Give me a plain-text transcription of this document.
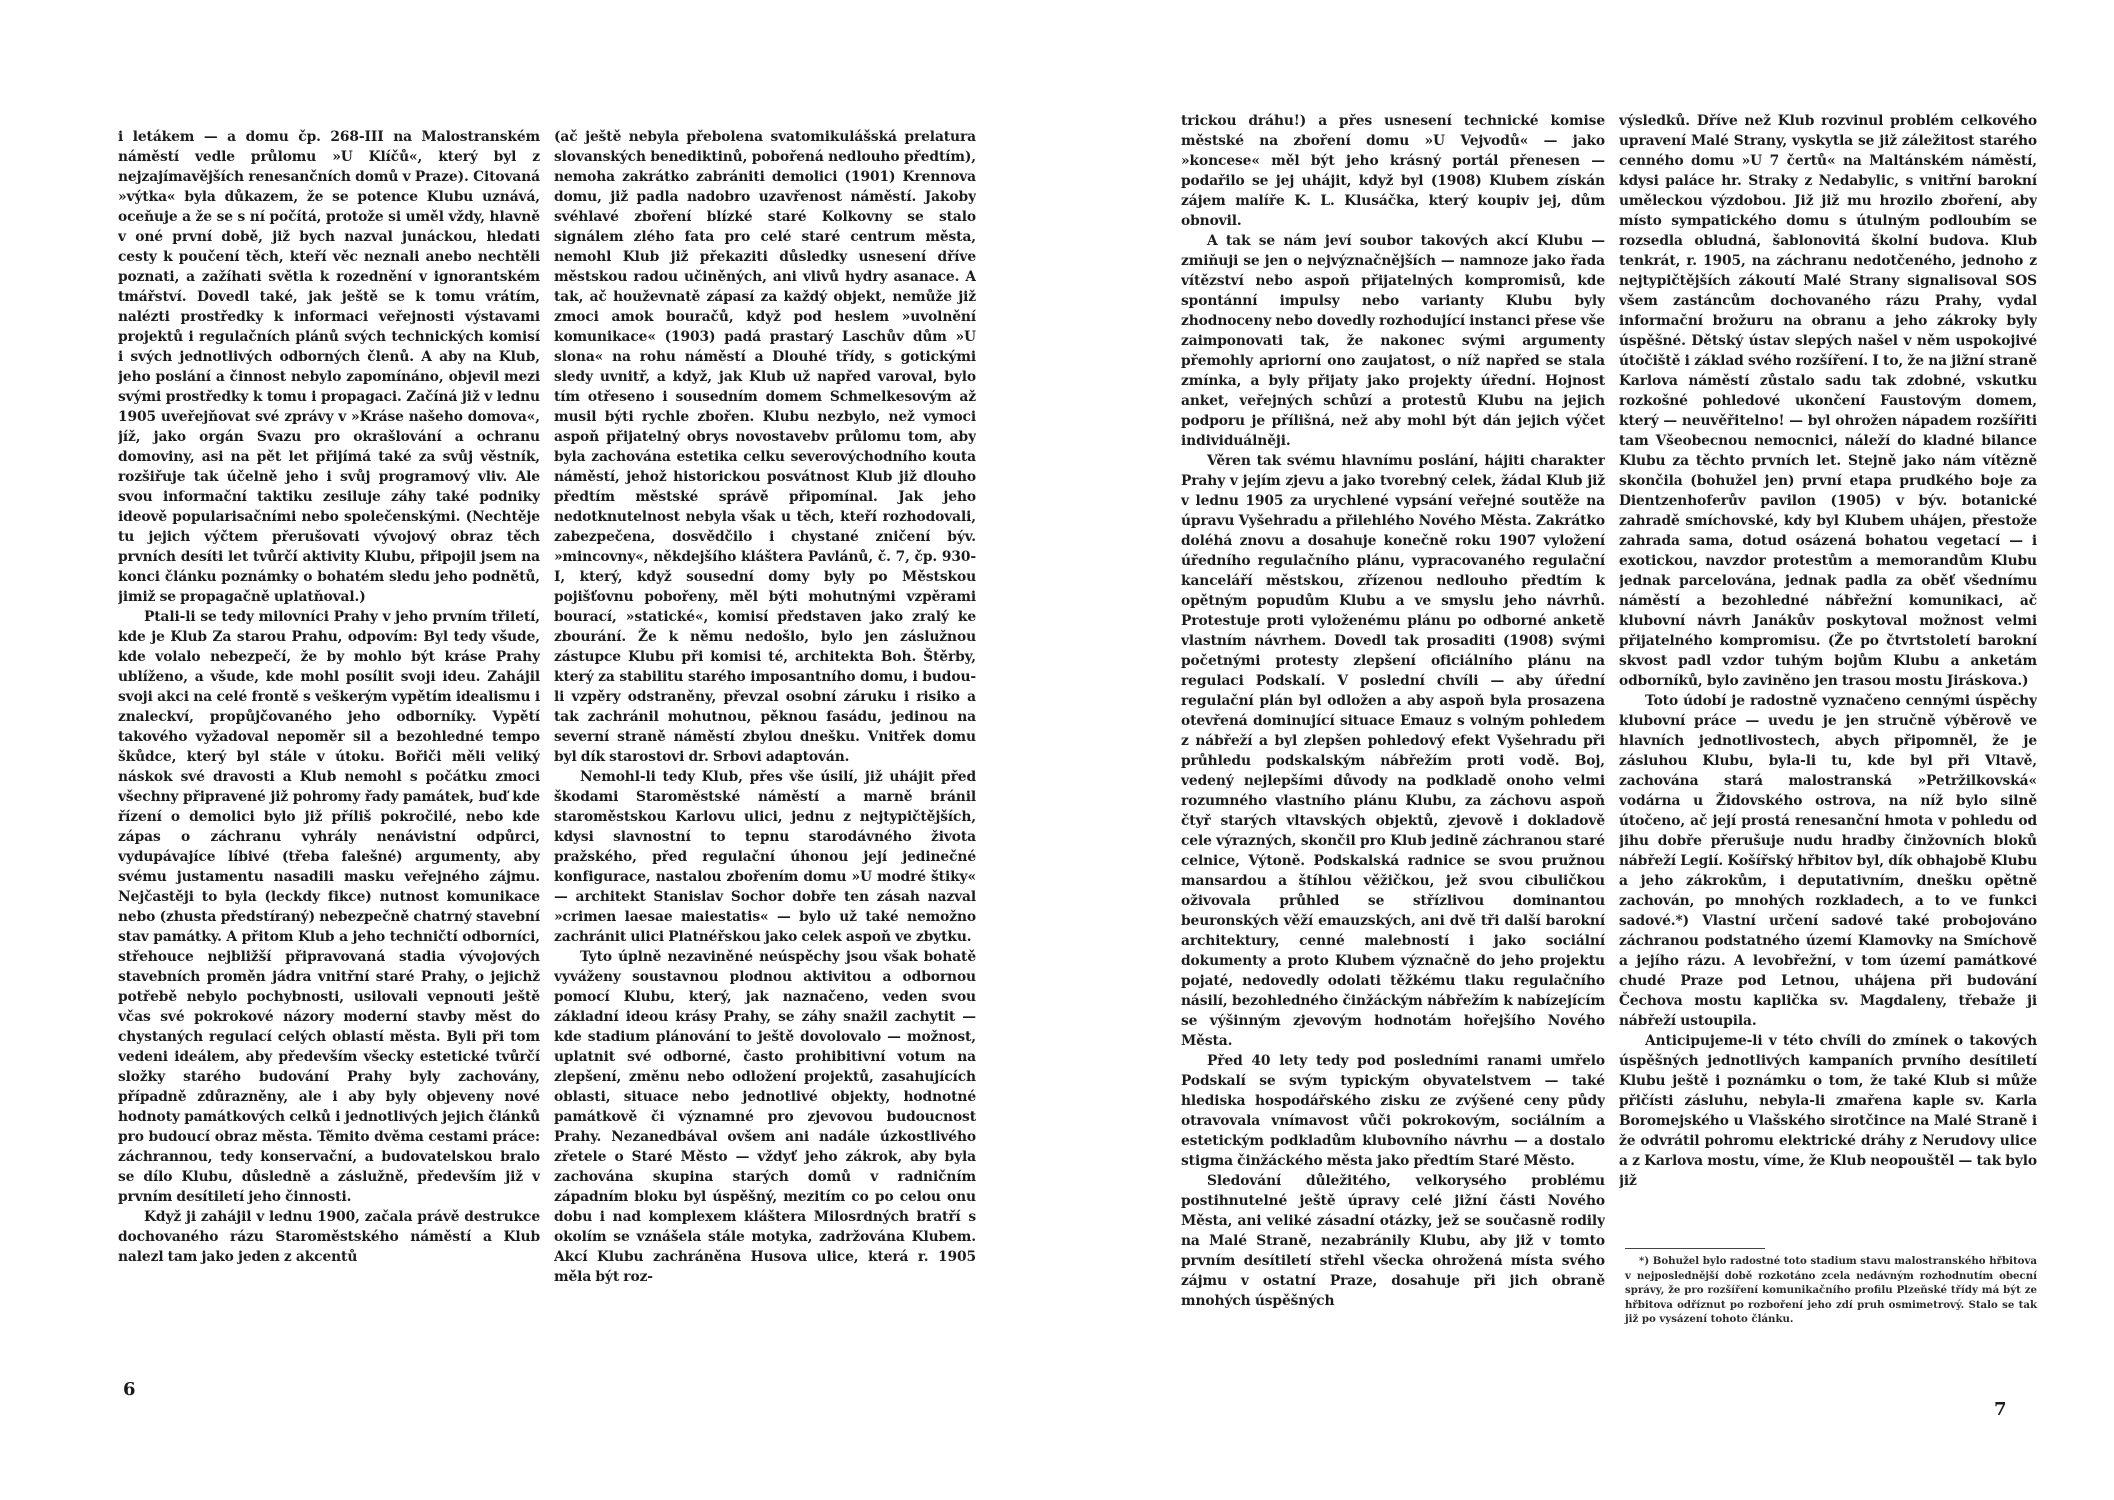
i letákem — a domu čp. 268-III na Malostranském náměstí vedle průlomu »U Klíčů«, který byl z nejzajímavějších renesančních domů v Praze). Citovaná »výtka« byla důkazem, že se potence Klubu uznává, oceňuje a že se s ní počítá, protože si uměl vždy, hlavně v oné první době, již bych nazval junáckou, hledati cesty k poučení těch, kteří věc neznali anebo nechtěli poznati, a zažíhati světla k rozednění v ignorantském tmářství. Dovedl také, jak ještě se k tomu vrátím, nalézti prostředky k informaci veřejnosti výstavami projektů i regulačních plánů svých technických komisí i svých jednotlivých odborných členů. A aby na Klub, jeho poslání a činnost nebylo zapomínáno, objevil mezi svými prostředky k tomu i propagaci. Začíná již v lednu 1905 uveřejňovat své zprávy v »Krásе našeho domova«, jíž, jako orgán Svazu pro okrašlování a ochranu domoviny, asi na pět let přijímá také za svůj věstník, rozšiřuje tak účelně jeho i svůj programový vliv. Ale svou informační taktiku zesiluje záhy také podniky ideově popularisačními nebo společenskými. (Nechtěje tu jejich výčtem přerušovati vývojový obraz těch prvních desíti let tvůrčí aktivity Klubu, připojil jsem na konci článku poznámky o bohatém sledu jeho podnětů, jimiž se propagačně uplatňoval.)

Ptali-li se tedy milovníci Prahy v jeho prvním třiletí, kde je Klub Za starou Prahu, odpovím: Byl tedy všude, kde volalo nebezpečí, že by mohlo být kráse Prahy ublíženo, a všude, kde mohl posílit svoji ideu. Zahájil svoji akci na celé frontě s veškerým vypětím idealismu i znaleckví, propůjčovaného jeho odborníky. Vypětí takového vyžadoval nepoměr sil a bezohledné tempo škůdce, který byl stále v útoku. Bořiči měli veliký náskok své dravosti a Klub nemohl s počátku zmoci všechny připravené již pohromy řady památek, buď kde řízení o demolici bylo již příliš pokročilé, nebo kde zápas o záchranu vyhrály nenávistní odpůrci, vydupávajíce líbivé (třeba falešné) argumenty, aby svému justamentu nasadili masku veřejného zájmu. Nejčastěji to byla (leckdy fikce) nutnost komunikace nebo (zhusta předstíraný) nebezpečně chatrný stavební stav památky. A přitom Klub a jeho techničtí odborníci, střehouce nejbližší připravovaná stadia vývojových stavebních proměn jádra vnitřní staré Prahy, o jejichž potřebě nebylo pochybnosti, usilovali vepnouti ještě včas své pokrokové názory moderní stavby měst do chystaných regulací celých oblastí města. Byli při tom vedeni ideálem, aby především všecky estetické tvůrčí složky starého budování Prahy byly zachovány, případně zdůrazněny, ale i aby byly objeveny nové hodnoty památkových celků i jednotlivých jejich článků pro budoucí obraz města. Těmito dvěma cestami práce: záchrannou, tedy konservační, a budovatelskou bralo se dílo Klubu, důsledně a záslužně, především již v prvním desítiletí jeho činnosti.

Když ji zahájil v lednu 1900, začala právě destrukce dochovaného rázu Staroměstského náměstí a Klub nalezl tam jako jeden z akcentů

(ač ještě nebyla přebolena svatomikulášská prelatura slovanských benediktinů, pobořená nedlouho předtím), nemoha zakrátko zabrániti demolici (1901) Krennova domu, již padla nadobro uzavřenost náměstí. Jakoby svéhlavé zboření blízké staré Kolkovny se stalo signálem zlého fata pro celé staré centrum města, nemohl Klub již překaziti důsledky usnesení dříve městskou radou učiněných, ani vlivů hydry asanace. A tak, ač houževnatě zápasí za každý objekt, nemůže již zmoci amok bouračů, když pod heslem »uvolnění komunikace« (1903) padá prastarý Laschův dům »U slona« na rohu náměstí a Dlouhé třídy, s gotickými sledy uvnitř, a když, jak Klub už napřed varoval, bylo tím otřeseno i sousedním domem Schmelkesovým až musil býti rychle zbořen. Klubu nezbylo, než vymoci aspoň přijatelný obrys novostavebv průlomu tom, aby byla zachována estetika celku severovýchodního kouta náměstí, jehož historickou posvátnost Klub již dlouho předtím městské správě připomínal. Jak jeho nedotknutelnost nebyla však u těch, kteří rozhodovali, zabezpečena, dosvědčilo i chystané zničení býv. »mincovny«, někdejšího kláštera Pavlánů, č. 7, čp. 930-I, který, když sousední domy byly po Městskou pojišťovnu pobořeny, měl býti mohutnými vzpěrami bourací, »statické«, komisí představen jako zralý ke zbourání. Že k němu nedošlo, bylo jen záslužnou zástupce Klubu při komisi té, architekta Boh. Štěrby, který za stabilitu starého imposantního domu, i budou-li vzpěry odstraněny, převzal osobní záruku i risiko a tak zachránil mohutnou, pěknou fasádu, jedinou na severní straně náměstí zbylou dnešku. Vnitřek domu byl dík starostovi dr. Srbovi adaptován.

Nemohl-li tedy Klub, přes vše úsilí, již uhájit před škodami Staroměstské náměstí a marně bránil staroměstskou Karlovu ulici, jednu z nejtypičtějších, kdysi slavnostní to tepnu starodávného života pražského, před regulační úhonou její jedinečné konfigurace, nastalou zbořením domu »U modré štiky« — architekt Stanislav Sochor dobře ten zásah nazval »crimen laesae maiestatis« — bylo už také nemožno zachránit ulici Platnéřskou jako celek aspoň ve zbytku.

Tyto úplně nezaviněné neúspěchy jsou však bohatě vyváženy soustavnou plodnou aktivitou a odbornou pomocí Klubu, který, jak naznačeno, veden svou základní ideou krásy Prahy, se záhy snažil zachytit — kde stadium plánování to ještě dovolovalo — možnost, uplatnit své odborné, často prohibitivní votum na zlepšení, změnu nebo odložení projektů, zasahujících oblasti, situace nebo jednotlivé objekty, hodnotné památkově či významné pro zjevovou budoucnost Prahy. Nezanedbával ovšem ani nadále úzkostlivého zřetele o Staré Město — vždyť jeho zákrok, aby byla zachována skupina starých domů v radničním západním bloku byl úspěšný, mezitím co po celou onu dobu i nad komplexem kláštera Milosrdných bratří s okolím se vznášela stále motyka, zadržována Klubem. Akcí Klubu zachráněna Husova ulice, která r. 1905 měla být roz-

6

trickou dráhu!) a přes usnesení technické komise městské na zboření domu »U Vejvodů« — jako »koncese« měl být jeho krásný portál přenesen — podařilo se jej uhájit, když byl (1908) Klubem získán zájem malíře K. L. Klusáčka, který koupiv jej, dům obnovil.

A tak se nám jeví soubor takových akcí Klubu — zmiňuji se jen o nejvýznačnějších — namnoze jako řada vítězství nebo aspoň přijatelných kompromisů, kde spontánní impulsy nebo varianty Klubu byly zhodnoceny nebo dovedly rozhodující instanci přese vše zaimponovati tak, že nakonec svými argumenty přemohly apriorní ono zaujatost, o níž napřed se stala zmínka, a byly přijaty jako projekty úřední. Hojnost anket, veřejných schůzí a protestů Klubu na jejich podporu je přílišná, než aby mohl být dán jejich výčet individuálněji.

Věren tak svému hlavnímu poslání, hájiti charakter Prahy v jejím zjevu a jako tvorebný celek, žádal Klub již v lednu 1905 za urychlené vypsání veřejné soutěže na úpravu Vyšehradu a přilehlého Nového Města. Zakrátko doléhá znovu a dosahuje konečně roku 1907 vyložení úředního regulačního plánu, vypracovaného regulační kanceláří městskou, zřízenou nedlouho předtím k opětným popudům Klubu a ve smyslu jeho návrhů. Protestuje proti vyloženému plánu po odborné anketě vlastním návrhem. Dovedl tak prosaditi (1908) svými početnými protesty zlepšení oficiálního plánu na regulaci Podskalí. V poslední chvíli — aby úřední regulační plán byl odložen a aby aspoň byla prosazena otevřená dominující situace Emauz s volným pohledem z nábřeží a byl zlepšen pohledový efekt Vyšehradu při průhledu podskalským nábřežím proti vodě. Boj, vedený nejlepšími důvody na podkladě onoho velmi rozumného vlastního plánu Klubu, za záchovu aspoň čtyř starých vltavských objektů, zjevově i dokladově cele výrazných, skončil pro Klub jedině záchranou staré celnice, Výtoně. Podskalská radnice se svou pružnou mansardou a štíhlou věžičkou, jež svou cibuličkou oživovala průhled se střízlivou dominantou beuronských věží emauzských, ani dvě tři další barokní architektury, cenné malebností i jako sociální dokumenty a proto Klubem význačně do jeho projektu pojaté, nedovedly odolati těžkému tlaku regulačního násilí, bezohledného činžáckým nábřežím k nabízejícím se výšinným zjevovým hodnotám hořejšího Nového Města.

Před 40 lety tedy pod posledními ranami umřelo Podskalí se svým typickým obyvatelstvem — také hlediska hospodářského zisku ze zvýšené ceny půdy otravovala vnímavost vůči pokrokovým, sociálním a estetickým podkladům klubovního návrhu — a dostalo stigma činžáckého města jako předtím Staré Město.

Sledování důležitého, velkorysého problému postihnutelné ještě úpravy celé jižní části Nového Města, ani veliké zásadní otázky, jež se současně rodily na Malé Straně, nezabránily Klubu, aby již v tomto prvním desítiletí střehl všecka ohrožená místa svého zájmu v ostatní Praze, dosahuje při jich obraně mnohých úspěšných

výsledků. Dříve než Klub rozvinul problém celkového upravení Malé Strany, vyskytla se již záležitost starého cenného domu »U 7 čertů« na Maltánském náměstí, kdysi paláce hr. Straky z Nedabylic, s vnitřní barokní uměleckou výzdobou. Již již mu hrozilo zboření, aby místo sympatického domu s útulným podloubím se rozsedla obludná, šablonovitá školní budova. Klub tenkrát, r. 1905, na záchranu nedotčeného, jednoho z nejtypičtějších zákoutí Malé Strany signalisoval SOS všem zastáncům dochovaného rázu Prahy, vydal informační brožuru na obranu a jeho zákroky byly úspěšné. Dětský ústav slepých našel v něm uspokojivé útočiště i základ svého rozšíření. I to, že na jižní straně Karlova náměstí zůstalo sadu tak zdobné, vskutku rozkošné pohledové ukončení Faustovým domem, který — neuvěřitelno! — byl ohrožen nápadem rozšířiti tam Všeobecnou nemocnici, náleží do kladné bilance Klubu za těchto prvních let. Stejně jako nám vítězně skončila (bohužel jen) první etapa prudkého boje za Dientzenhoferův pavilon (1905) v býv. botanické zahradě smíchovské, kdy byl Klubem uhájen, přestože zahrada sama, dotud osázená bohatou vegetací — i exotickou, navzdor protestům a memorandům Klubu jednak parcelována, jednak padla za oběť všednímu náměstí a bezohledné nábřežní komunikaci, ač klubovní návrh Janákův poskytoval možnost velmi přijatelného kompromisu. (Že po čtvrtstoletí barokní skvost padl vzdor tuhým bojům Klubu a anketám odborníků, bylo zaviněno jen trasou mostu Jiráskova.)

Toto údobí je radostně vyznačeno cennými úspěchy klubovní práce — uvedu je jen stručně výběrově ve hlavních jednotlivostech, abych připomněl, že je zásluhou Klubu, byla-li tu, kde byl při Vltavě, zachována stará malostranská »Petržilkovská« vodárna u Židovského ostrova, na níž bylo silně útočeno, ač její prostá renesanční hmota v pohledu od jihu dobře přerušuje nudu hradby činžovních bloků nábřeží Legií. Košířský hřbitov byl, dík obhajobě Klubu a jeho zákrokům, i deputativním, dnešku opětně zachován, po mnohých rozkladech, a to ve funkci sadové.*) Vlastní určení sadové také probojováno záchranou podstatného území Klamovky na Smíchově a jejího rázu. A levobřežní, v tom území památkové chudé Praze pod Letnou, uhájena při budování Čechova mostu kaplička sv. Magdaleny, třebaže ji nábřeží ustoupila.

Anticipujeme-li v této chvíli do zmínek o takových úspěšných jednotlivých kampaních prvního desítiletí Klubu ještě i poznámku o tom, že také Klub si může přičísti zásluhu, nebyla-li zmařena kaple sv. Karla Boromejského u Vlašského sirotčince na Malé Straně i že odvrátil pohromu elektrické dráhy z Nerudovy ulice a z Karlova mostu, víme, že Klub neopouštěl — tak bylo již

*) Bohužel bylo radostné toto stadium stavu malostranského hřbitova v nejposlednější době rozkotáno zcela nedávným rozhodnutím obecní správy, že pro rozšíření komunikačního profilu Plzeňské třídy má být ze hřbitova odříznut po rozboření jeho zdí pruh osmimetrový. Stalo se tak již po vysázení tohoto článku.

7
